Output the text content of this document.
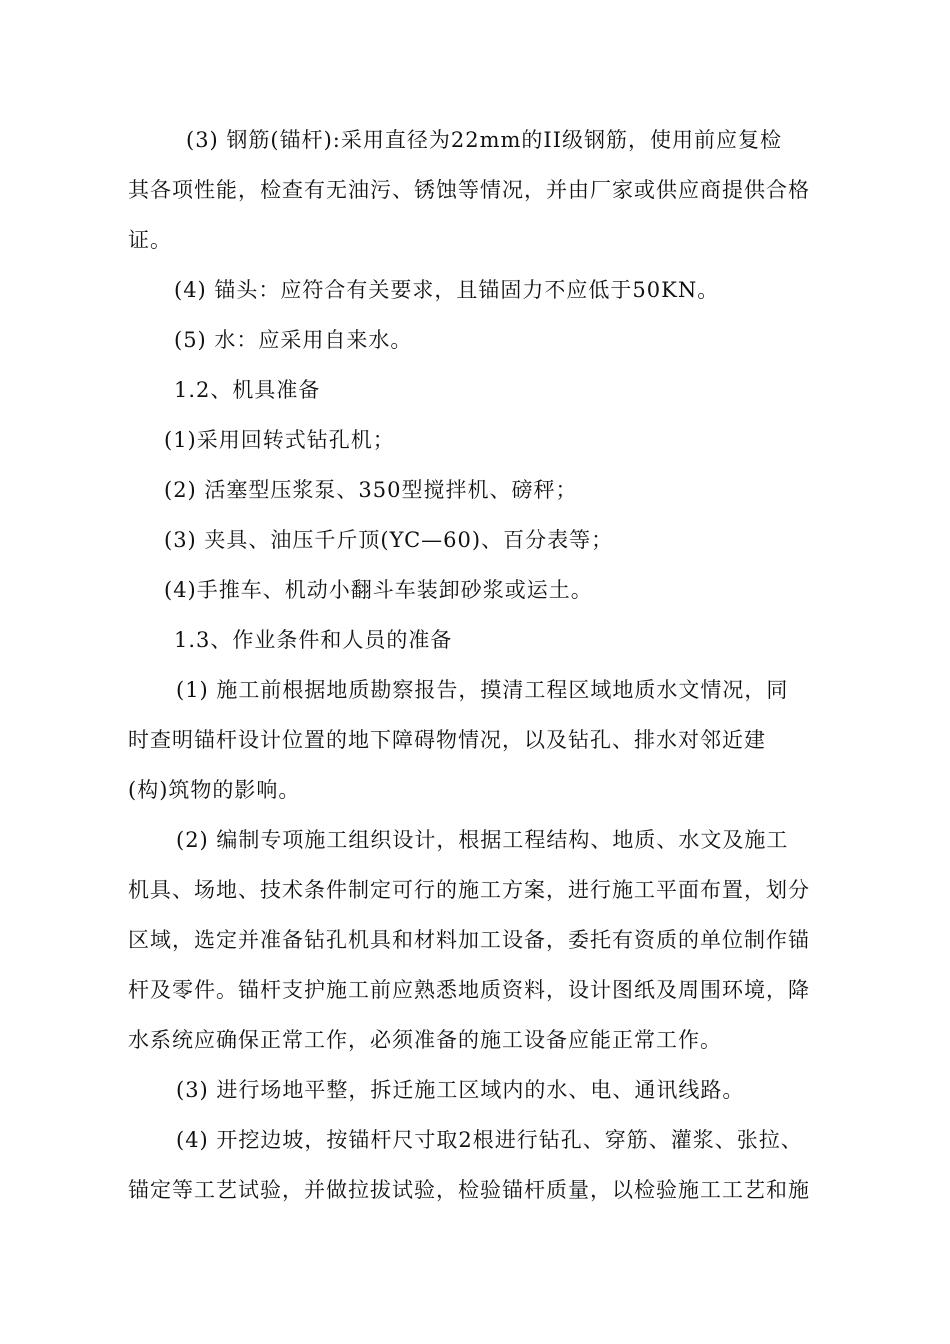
(3) 钢筋(锚杆):采用直径为22mm的II级钢筋，使用前应复检
其各项性能，检查有无油污、锈蚀等情况，并由厂家或供应商提供合格
证。
(4) 锚头：应符合有关要求，且锚固力不应低于50KN。
(5) 水：应采用自来水。
1.2、机具准备
(1)采用回转式钻孔机；
(2) 活塞型压浆泵、350型搅拌机、磅秤；
(3) 夹具、油压千斤顶(YC—60)、百分表等；
(4)手推车、机动小翻斗车装卸砂浆或运土。
1.3、作业条件和人员的准备
(1) 施工前根据地质勘察报告，摸清工程区域地质水文情况，同
时查明锚杆设计位置的地下障碍物情况，以及钻孔、排水对邻近建
(构)筑物的影响。
(2) 编制专项施工组织设计，根据工程结构、地质、水文及施工
机具、场地、技术条件制定可行的施工方案，进行施工平面布置，划分
区域，选定并准备钻孔机具和材料加工设备，委托有资质的单位制作锚
杆及零件。锚杆支护施工前应熟悉地质资料，设计图纸及周围环境，降
水系统应确保正常工作，必须准备的施工设备应能正常工作。
(3) 进行场地平整，拆迁施工区域内的水、电、通讯线路。
(4) 开挖边坡，按锚杆尺寸取2根进行钻孔、穿筋、灌浆、张拉、
锚定等工艺试验，并做拉拔试验，检验锚杆质量，以检验施工工艺和施
